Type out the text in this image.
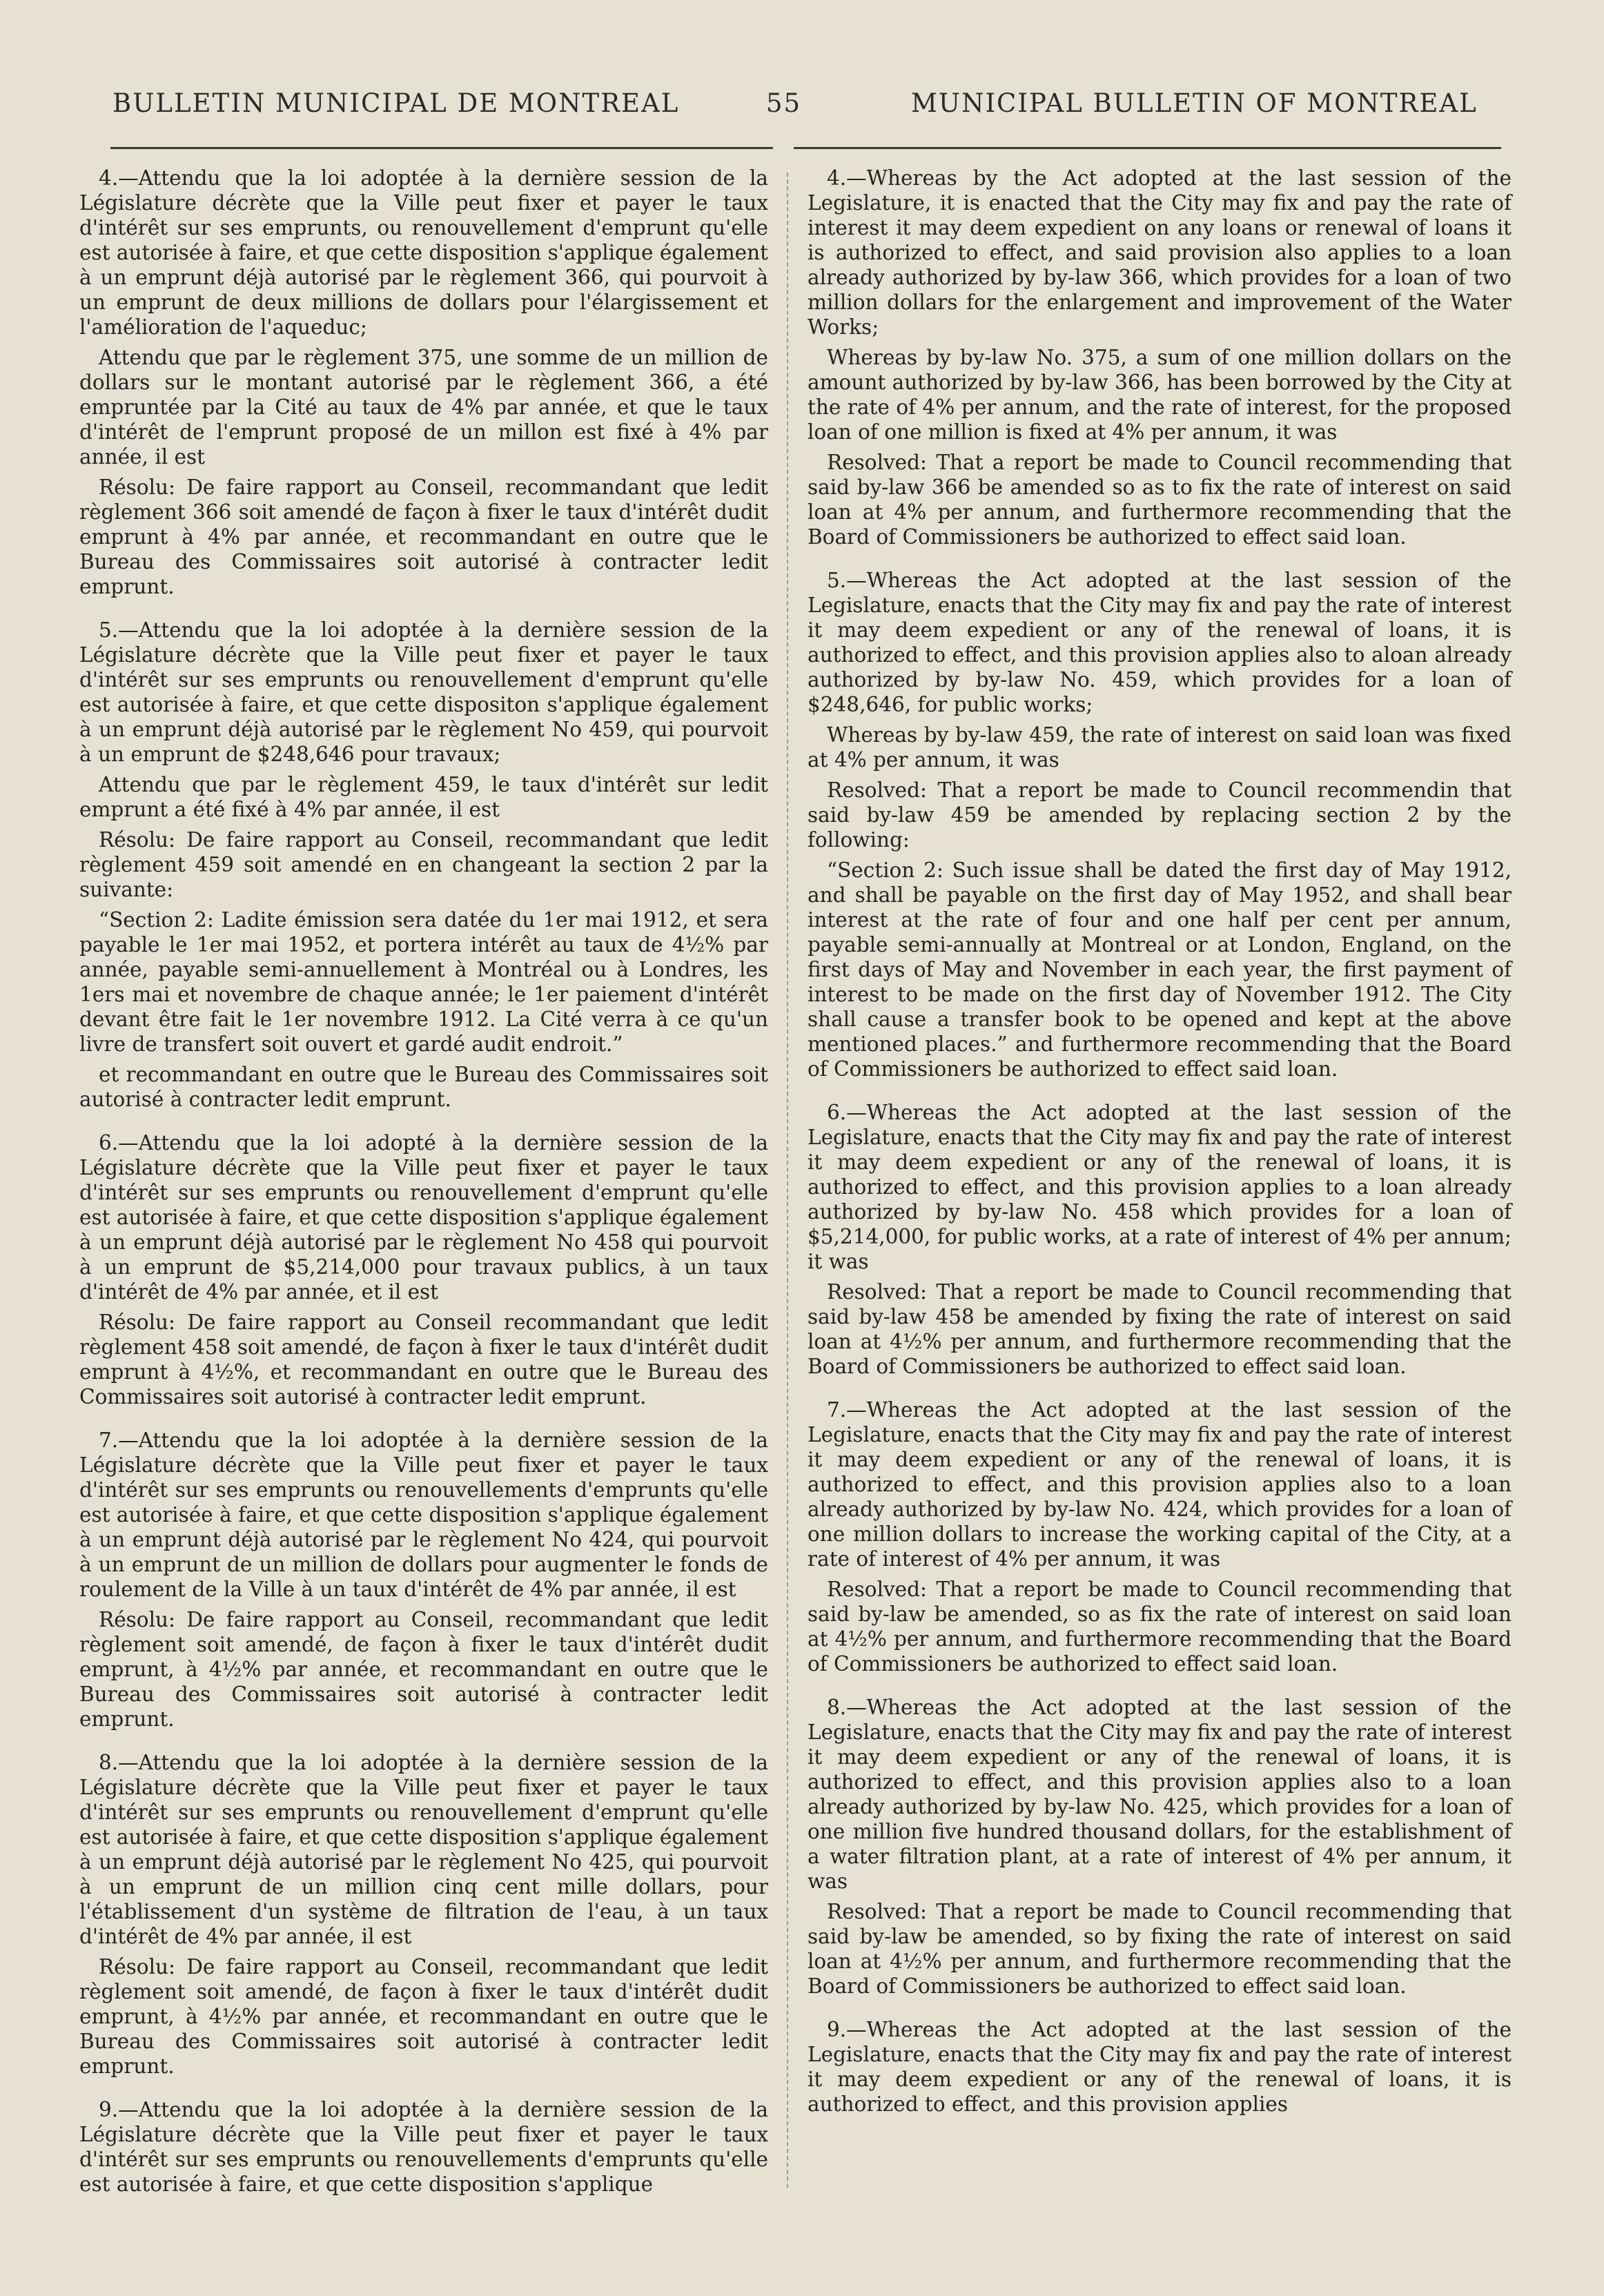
BULLETIN MUNICIPAL DE MONTREAL	55	MUNICIPAL BULLETIN OF MONTREAL

4.—Attendu que la loi adoptée à la dernière session de la Législature décrète que la Ville peut fixer et payer le taux d'intérêt sur ses emprunts, ou renouvellement d'emprunt qu'elle est autorisée à faire, et que cette disposition s'applique également à un emprunt déjà autorisé par le règlement 366, qui pourvoit à un emprunt de deux millions de dollars pour l'élargissement et l'amélioration de l'aqueduc;

Attendu que par le règlement 375, une somme de un million de dollars sur le montant autorisé par le règlement 366, a été empruntée par la Cité au taux de 4% par année, et que le taux d'intérêt de l'emprunt proposé de un millon est fixé à 4% par année, il est

Résolu: De faire rapport au Conseil, recommandant que ledit règlement 366 soit amendé de façon à fixer le taux d'intérêt dudit emprunt à 4% par année, et recommandant en outre que le Bureau des Commissaires soit autorisé à contracter ledit emprunt.

5.—Attendu que la loi adoptée à la dernière session de la Législature décrète que la Ville peut fixer et payer le taux d'intérêt sur ses emprunts ou renouvellement d'emprunt qu'elle est autorisée à faire, et que cette dispositon s'applique également à un emprunt déjà autorisé par le règlement No 459, qui pourvoit à un emprunt de $248,646 pour travaux;

Attendu que par le règlement 459, le taux d'intérêt sur ledit emprunt a été fixé à 4% par année, il est

Résolu: De faire rapport au Conseil, recommandant que ledit règlement 459 soit amendé en en changeant la section 2 par la suivante:

“Section 2: Ladite émission sera datée du 1er mai 1912, et sera payable le 1er mai 1952, et portera intérêt au taux de 4½% par année, payable semi-annuellement à Montréal ou à Londres, les 1ers mai et novembre de chaque année; le 1er paiement d'intérêt devant être fait le 1er novembre 1912. La Cité verra à ce qu'un livre de transfert soit ouvert et gardé audit endroit.”

et recommandant en outre que le Bureau des Commissaires soit autorisé à contracter ledit emprunt.

6.—Attendu que la loi adopté à la dernière session de la Législature décrète que la Ville peut fixer et payer le taux d'intérêt sur ses emprunts ou renouvellement d'emprunt qu'elle est autorisée à faire, et que cette disposition s'applique également à un emprunt déjà autorisé par le règlement No 458 qui pourvoit à un emprunt de $5,214,000 pour travaux publics, à un taux d'intérêt de 4% par année, et il est

Résolu: De faire rapport au Conseil recommandant que ledit règlement 458 soit amendé, de façon à fixer le taux d'intérêt dudit emprunt à 4½%, et recommandant en outre que le Bureau des Commissaires soit autorisé à contracter ledit emprunt.

7.—Attendu que la loi adoptée à la dernière session de la Législature décrète que la Ville peut fixer et payer le taux d'intérêt sur ses emprunts ou renouvellements d'emprunts qu'elle est autorisée à faire, et que cette disposition s'applique également à un emprunt déjà autorisé par le règlement No 424, qui pourvoit à un emprunt de un million de dollars pour augmenter le fonds de roulement de la Ville à un taux d'intérêt de 4% par année, il est

Résolu: De faire rapport au Conseil, recommandant que ledit règlement soit amendé, de façon à fixer le taux d'intérêt dudit emprunt, à 4½% par année, et recommandant en outre que le Bureau des Commissaires soit autorisé à contracter ledit emprunt.

8.—Attendu que la loi adoptée à la dernière session de la Législature décrète que la Ville peut fixer et payer le taux d'intérêt sur ses emprunts ou renouvellement d'emprunt qu'elle est autorisée à faire, et que cette disposition s'applique également à un emprunt déjà autorisé par le règlement No 425, qui pourvoit à un emprunt de un million cinq cent mille dollars, pour l'établissement d'un système de filtration de l'eau, à un taux d'intérêt de 4% par année, il est

Résolu: De faire rapport au Conseil, recommandant que ledit règlement soit amendé, de façon à fixer le taux d'intérêt dudit emprunt, à 4½% par année, et recommandant en outre que le Bureau des Commissaires soit autorisé à contracter ledit emprunt.

9.—Attendu que la loi adoptée à la dernière session de la Législature décrète que la Ville peut fixer et payer le taux d'intérêt sur ses emprunts ou renouvellements d'emprunts qu'elle est autorisée à faire, et que cette disposition s'applique

4.—Whereas by the Act adopted at the last session of the Legislature, it is enacted that the City may fix and pay the rate of interest it may deem expedient on any loans or renewal of loans it is authorized to effect, and said provision also applies to a loan already authorized by by-law 366, which provides for a loan of two million dollars for the enlargement and improvement of the Water Works;

Whereas by by-law No. 375, a sum of one million dollars on the amount authorized by by-law 366, has been borrowed by the City at the rate of 4% per annum, and the rate of interest, for the proposed loan of one million is fixed at 4% per annum, it was

Resolved: That a report be made to Council recommending that said by-law 366 be amended so as to fix the rate of interest on said loan at 4% per annum, and furthermore recommending that the Board of Commissioners be authorized to effect said loan.

5.—Whereas the Act adopted at the last session of the Legislature, enacts that the City may fix and pay the rate of interest it may deem expedient or any of the renewal of loans, it is authorized to effect, and this provision applies also to aloan already authorized by by-law No. 459, which provides for a loan of $248,646, for public works;

Whereas by by-law 459, the rate of interest on said loan was fixed at 4% per annum, it was

Resolved: That a report be made to Council recommendin that said by-law 459 be amended by replacing section 2 by the following:

“Section 2: Such issue shall be dated the first day of May 1912, and shall be payable on the first day of May 1952, and shall bear interest at the rate of four and one half per cent per annum, payable semi-annually at Montreal or at London, England, on the first days of May and November in each year, the first payment of interest to be made on the first day of November 1912. The City shall cause a transfer book to be opened and kept at the above mentioned places.” and furthermore recommending that the Board of Commissioners be authorized to effect said loan.

6.—Whereas the Act adopted at the last session of the Legislature, enacts that the City may fix and pay the rate of interest it may deem expedient or any of the renewal of loans, it is authorized to effect, and this provision applies to a loan already authorized by by-law No. 458 which provides for a loan of $5,214,000, for public works, at a rate of interest of 4% per annum; it was

Resolved: That a report be made to Council recommending that said by-law 458 be amended by fixing the rate of interest on said loan at 4½% per annum, and furthermore recommending that the Board of Commissioners be authorized to effect said loan.

7.—Whereas the Act adopted at the last session of the Legislature, enacts that the City may fix and pay the rate of interest it may deem expedient or any of the renewal of loans, it is authorized to effect, and this provision applies also to a loan already authorized by by-law No. 424, which provides for a loan of one million dollars to increase the working capital of the City, at a rate of interest of 4% per annum, it was

Resolved: That a report be made to Council recommending that said by-law be amended, so as fix the rate of interest on said loan at 4½% per annum, and furthermore recommending that the Board of Commissioners be authorized to effect said loan.

8.—Whereas the Act adopted at the last session of the Legislature, enacts that the City may fix and pay the rate of interest it may deem expedient or any of the renewal of loans, it is authorized to effect, and this provision applies also to a loan already authorized by by-law No. 425, which provides for a loan of one million five hundred thousand dollars, for the establishment of a water filtration plant, at a rate of interest of 4% per annum, it was

Resolved: That a report be made to Council recommending that said by-law be amended, so by fixing the rate of interest on said loan at 4½% per annum, and furthermore recommending that the Board of Commissioners be authorized to effect said loan.

9.—Whereas the Act adopted at the last session of the Legislature, enacts that the City may fix and pay the rate of interest it may deem expedient or any of the renewal of loans, it is authorized to effect, and this provision applies
